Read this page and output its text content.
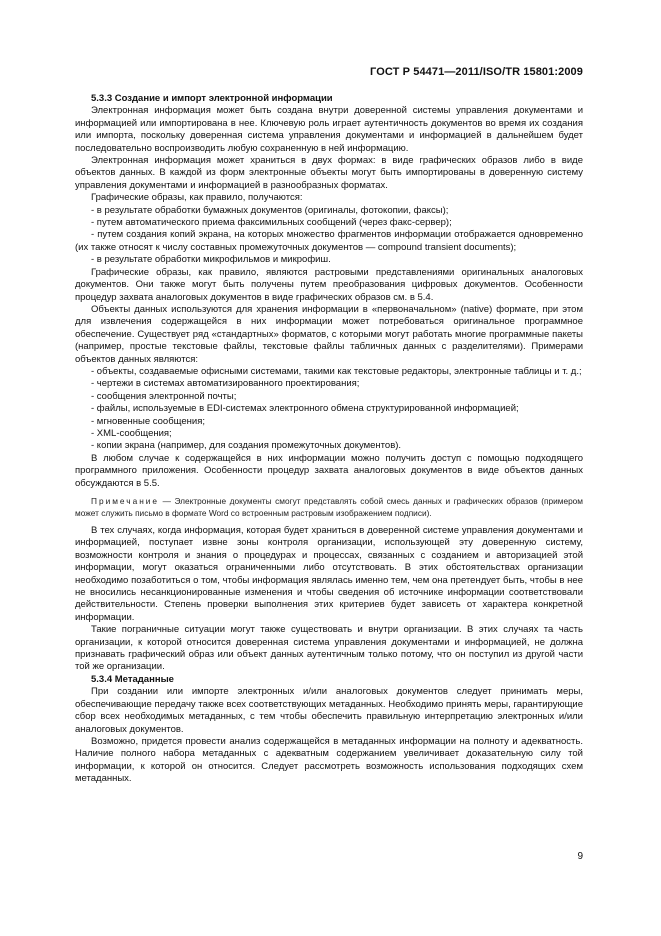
ГОСТ Р 54471—2011/ISO/TR 15801:2009

5.3.3 Создание и импорт электронной информации

Электронная информация может быть создана внутри доверенной системы управления документами и информацией или импортирована в нее. Ключевую роль играет аутентичность документов во время их создания или импорта, поскольку доверенная система управления документами и информацией в дальнейшем будет последовательно воспроизводить любую сохраненную в ней информацию.

Электронная информация может храниться в двух формах: в виде графических образов либо в виде объектов данных. В каждой из форм электронные объекты могут быть импортированы в доверенную систему управления документами и информацией в разнообразных форматах.

Графические образы, как правило, получаются:

- в результате обработки бумажных документов (оригиналы, фотокопии, факсы);

- путем автоматического приема факсимильных сообщений (через факс-сервер);

- путем создания копий экрана, на которых множество фрагментов информации отображается одновременно (их также относят к числу составных промежуточных документов — compound transient documents);

- в результате обработки микрофильмов и микрофиш.

Графические образы, как правило, являются растровыми представлениями оригинальных аналоговых документов. Они также могут быть получены путем преобразования цифровых документов. Особенности процедур захвата аналоговых документов в виде графических образов см. в 5.4.

Объекты данных используются для хранения информации в «первоначальном» (native) формате, при этом для извлечения содержащейся в них информации может потребоваться оригинальное программное обеспечение. Существует ряд «стандартных» форматов, с которыми могут работать многие программные пакеты (например, простые текстовые файлы, текстовые файлы табличных данных с разделителями). Примерами объектов данных являются:

- объекты, создаваемые офисными системами, такими как текстовые редакторы, электронные таблицы и т. д.;

- чертежи в системах автоматизированного проектирования;

- сообщения электронной почты;

- файлы, используемые в EDI-системах электронного обмена структурированной информацией;

- мгновенные сообщения;

- XML-сообщения;

- копии экрана (например, для создания промежуточных документов).

В любом случае к содержащейся в них информации можно получить доступ с помощью подходящего программного приложения. Особенности процедур захвата аналоговых документов в виде объектов данных обсуждаются в 5.5.

Примечание — Электронные документы смогут представлять собой смесь данных и графических образов (примером может служить письмо в формате Word со встроенным растровым изображением подписи).

В тех случаях, когда информация, которая будет храниться в доверенной системе управления документами и информацией, поступает извне зоны контроля организации, использующей эту доверенную систему, возможности контроля и знания о процедурах и процессах, связанных с созданием и авторизацией этой информации, могут оказаться ограниченными либо отсутствовать. В этих обстоятельствах организации необходимо позаботиться о том, чтобы информация являлась именно тем, чем она претендует быть, чтобы в нее не вносились несанкционированные изменения и чтобы сведения об источнике информации соответствовали действительности. Степень проверки выполнения этих критериев будет зависеть от характера конкретной информации.

Такие пограничные ситуации могут также существовать и внутри организации. В этих случаях та часть организации, к которой относится доверенная система управления документами и информацией, не должна признавать графический образ или объект данных аутентичным только потому, что он поступил из другой части той же организации.

5.3.4 Метаданные

При создании или импорте электронных и/или аналоговых документов следует принимать меры, обеспечивающие передачу также всех соответствующих метаданных. Необходимо принять меры, гарантирующие сбор всех необходимых метаданных, с тем чтобы обеспечить правильную интерпретацию электронных и/или аналоговых документов.

Возможно, придется провести анализ содержащейся в метаданных информации на полноту и адекватность. Наличие полного набора метаданных с адекватным содержанием увеличивает доказательную силу той информации, к которой он относится. Следует рассмотреть возможность использования подходящих схем метаданных.

9
